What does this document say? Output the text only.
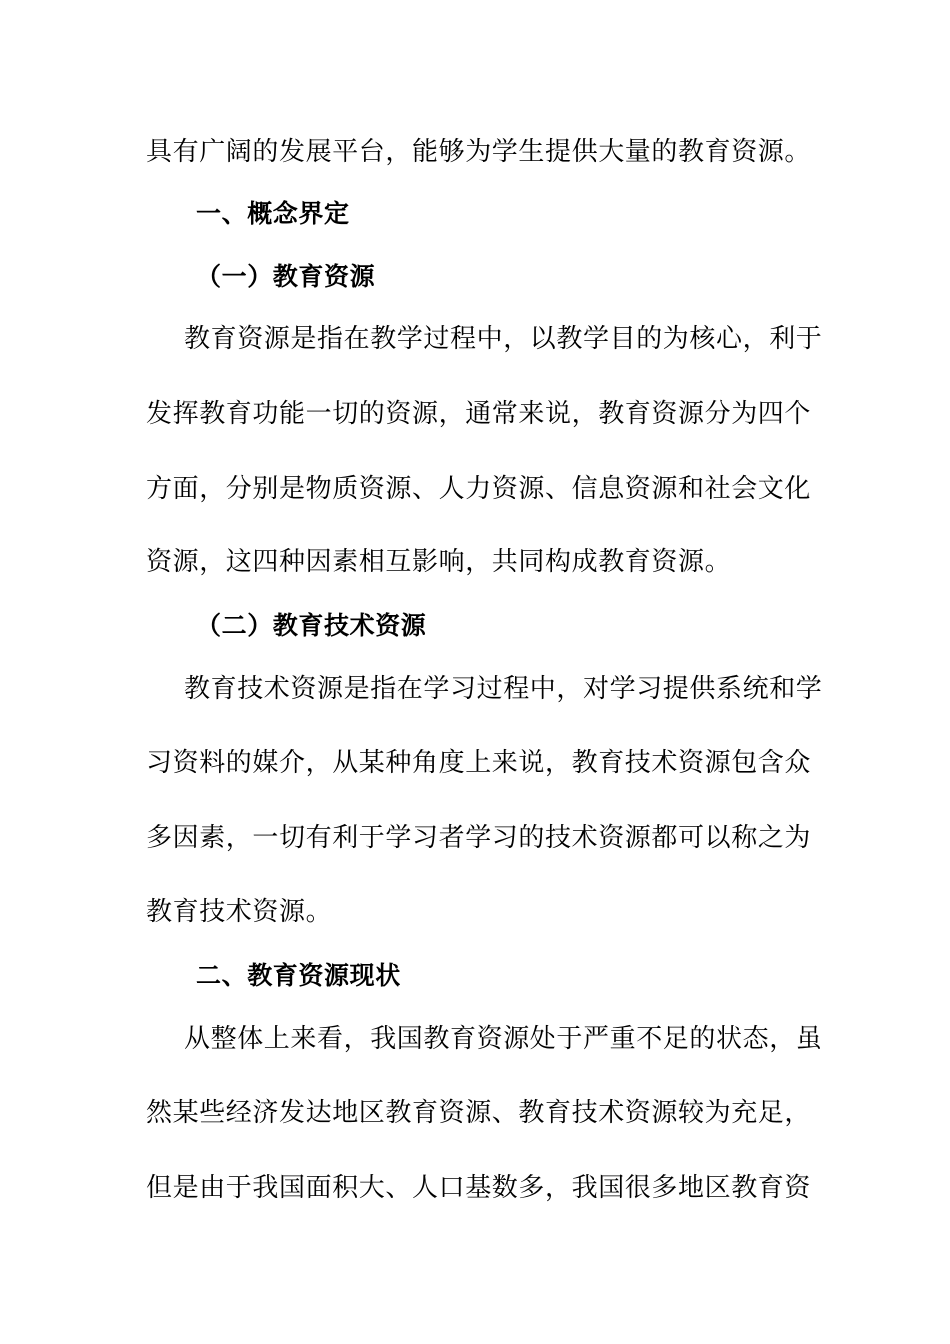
具有广阔的发展平台，能够为学生提供大量的教育资源。
一、概念界定
（一）教育资源
教育资源是指在教学过程中，以教学目的为核心，利于
发挥教育功能一切的资源，通常来说，教育资源分为四个
方面，分别是物质资源、人力资源、信息资源和社会文化
资源，这四种因素相互影响，共同构成教育资源。
（二）教育技术资源
教育技术资源是指在学习过程中，对学习提供系统和学
习资料的媒介，从某种角度上来说，教育技术资源包含众
多因素，一切有利于学习者学习的技术资源都可以称之为
教育技术资源。
二、教育资源现状
从整体上来看，我国教育资源处于严重不足的状态，虽
然某些经济发达地区教育资源、教育技术资源较为充足，
但是由于我国面积大、人口基数多，我国很多地区教育资
